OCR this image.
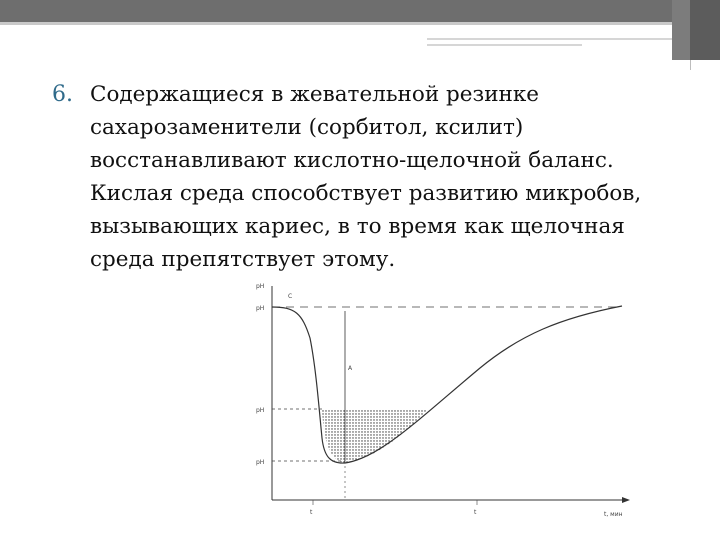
6. Содержащиеся в жевательной резинке сахарозаменители (сорбитол, ксилит) восстанавливают кислотно-щелочной баланс. Кислая среда способствует развитию микробов, вызывающих кариес, в то время как щелочная среда препятствует этому.

pH
C
pH
A
pH
pH
t	t	t, мин
